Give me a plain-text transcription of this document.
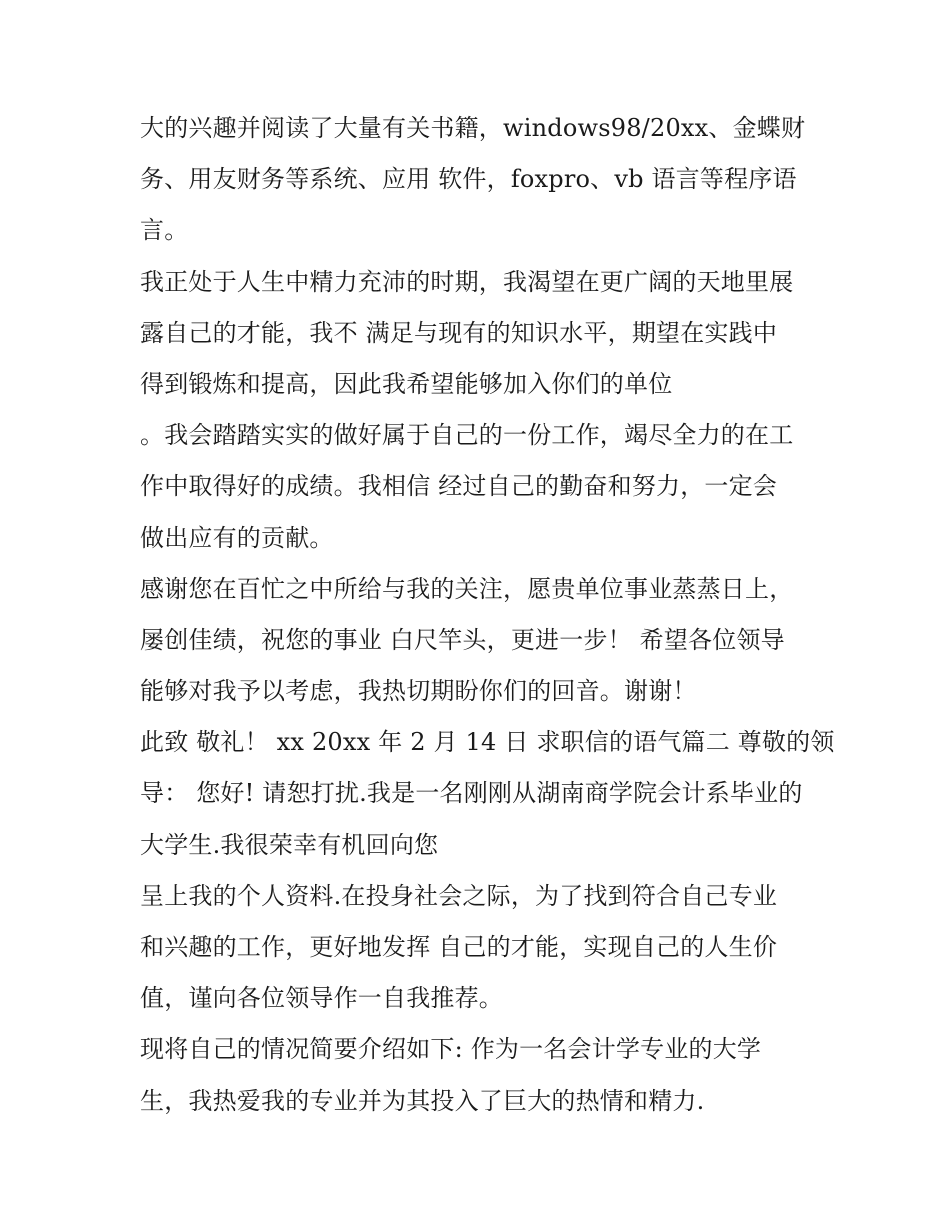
大的兴趣并阅读了大量有关书籍，windows98/20xx、金蝶财
务、用友财务等系统、应用 软件，foxpro、vb 语言等程序语
言。
我正处于人生中精力充沛的时期，我渴望在更广阔的天地里展
露自己的才能，我不 满足与现有的知识水平，期望在实践中
得到锻炼和提高，因此我希望能够加入你们的单位
。我会踏踏实实的做好属于自己的一份工作，竭尽全力的在工
作中取得好的成绩。我相信 经过自己的勤奋和努力，一定会
做出应有的贡献。
感谢您在百忙之中所给与我的关注，愿贵单位事业蒸蒸日上，
屡创佳绩，祝您的事业 白尺竿头，更进一步！ 希望各位领导
能够对我予以考虑，我热切期盼你们的回音。谢谢！
此致 敬礼！ xx 20xx 年 2 月 14 日 求职信的语气篇二 尊敬的领
导： 您好! 请恕打扰.我是一名刚刚从湖南商学院会计系毕业的
大学生.我很荣幸有机回向您
呈上我的个人资料.在投身社会之际，为了找到符合自己专业
和兴趣的工作，更好地发挥 自己的才能，实现自己的人生价
值，谨向各位领导作一自我推荐。
现将自己的情况简要介绍如下: 作为一名会计学专业的大学
生，我热爱我的专业并为其投入了巨大的热情和精力.
